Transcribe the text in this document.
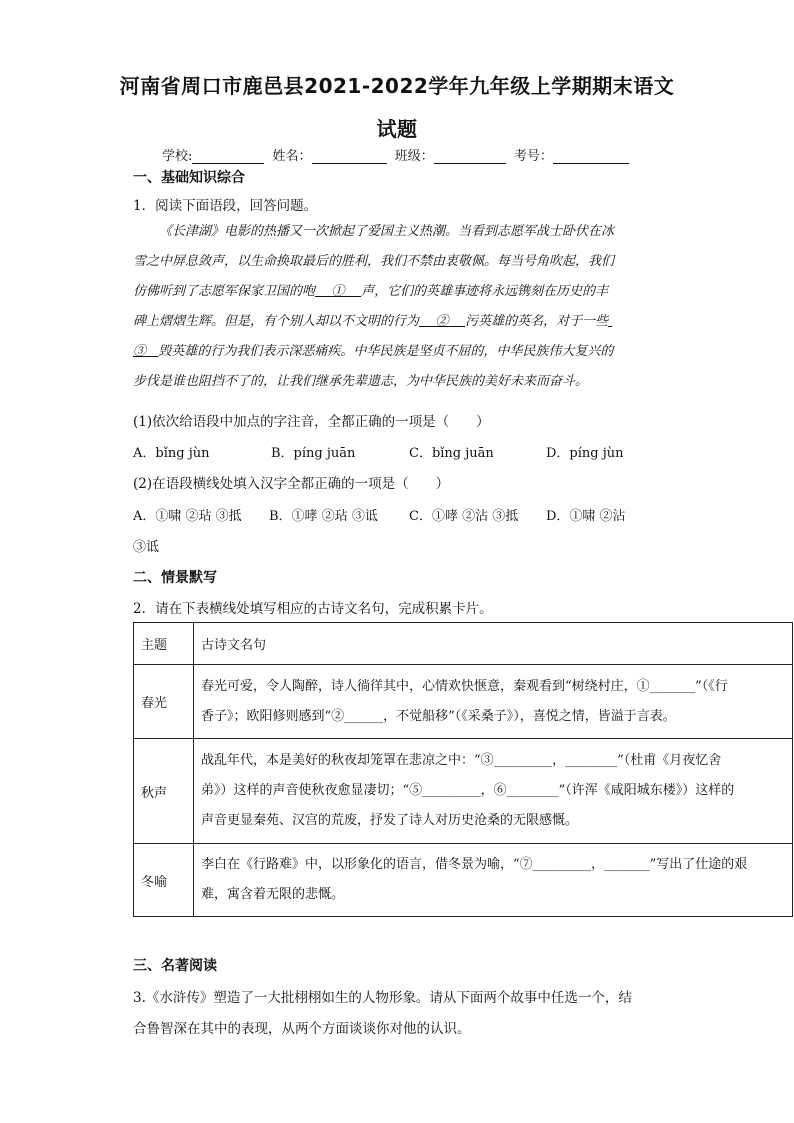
河南省周口市鹿邑县2021-2022学年九年级上学期期末语文
试题
学校:	姓名：	班级：	考号：
一、基础知识综合
1．阅读下面语段，回答问题。
《长津湖》电影的热播又一次掀起了爱国主义热潮。当看到志愿军战士卧伏在冰
雪之中屏息敛声，以生命换取最后的胜利，我们不禁由衷敬佩。每当号角吹起，我们
仿佛听到了志愿军保家卫国的咆 ① 声，它们的英雄事迹将永远镌刻在历史的丰
碑上熠熠生辉。但是，有个别人却以不文明的行为 ② 污英雄的英名，对于一些
③ 毁英雄的行为我们表示深恶痛疾。中华民族是坚贞不屈的，中华民族伟大复兴的
步伐是谁也阻挡不了的，让我们继承先辈遗志，为中华民族的美好未来而奋斗。
(1)依次给语段中加点的字注音，全都正确的一项是（　　）
A．bǐng jùn	B．píng juān	C．bǐng juān	D．píng jùn
(2)在语段横线处填入汉字全都正确的一项是（　　）
A．①啸 ②玷 ③抵 B．①哮 ②玷 ③诋 C．①哮 ②沾 ③抵 D．①啸 ②沾
③诋
二、情景默写
2．请在下表横线处填写相应的古诗文名句，完成积累卡片。
主题	古诗文名句
春光	春光可爱，令人陶醉，诗人徜徉其中，心情欢快惬意，秦观看到“树绕村庄，①_______”（《行
香子》；欧阳修则感到“②______，不觉船移”（《采桑子》），喜悦之情，皆溢于言表。

秋声	战乱年代，本是美好的秋夜却笼罩在悲凉之中：“③_________，________”（杜甫《月夜忆舍
弟》）这样的声音使秋夜愈显凄切；“⑤_________，⑥________”（许浑《咸阳城东楼》）这样的
声音更显秦苑、汉宫的荒废，抒发了诗人对历史沧桑的无限感慨。

冬喻	李白在《行路难》中，以形象化的语言，借冬景为喻，“⑦_________，_______”写出了仕途的艰
难，寓含着无限的悲慨。
三、名著阅读
3.《水浒传》塑造了一大批栩栩如生的人物形象。请从下面两个故事中任选一个，结
合鲁智深在其中的表现，从两个方面谈谈你对他的认识。
